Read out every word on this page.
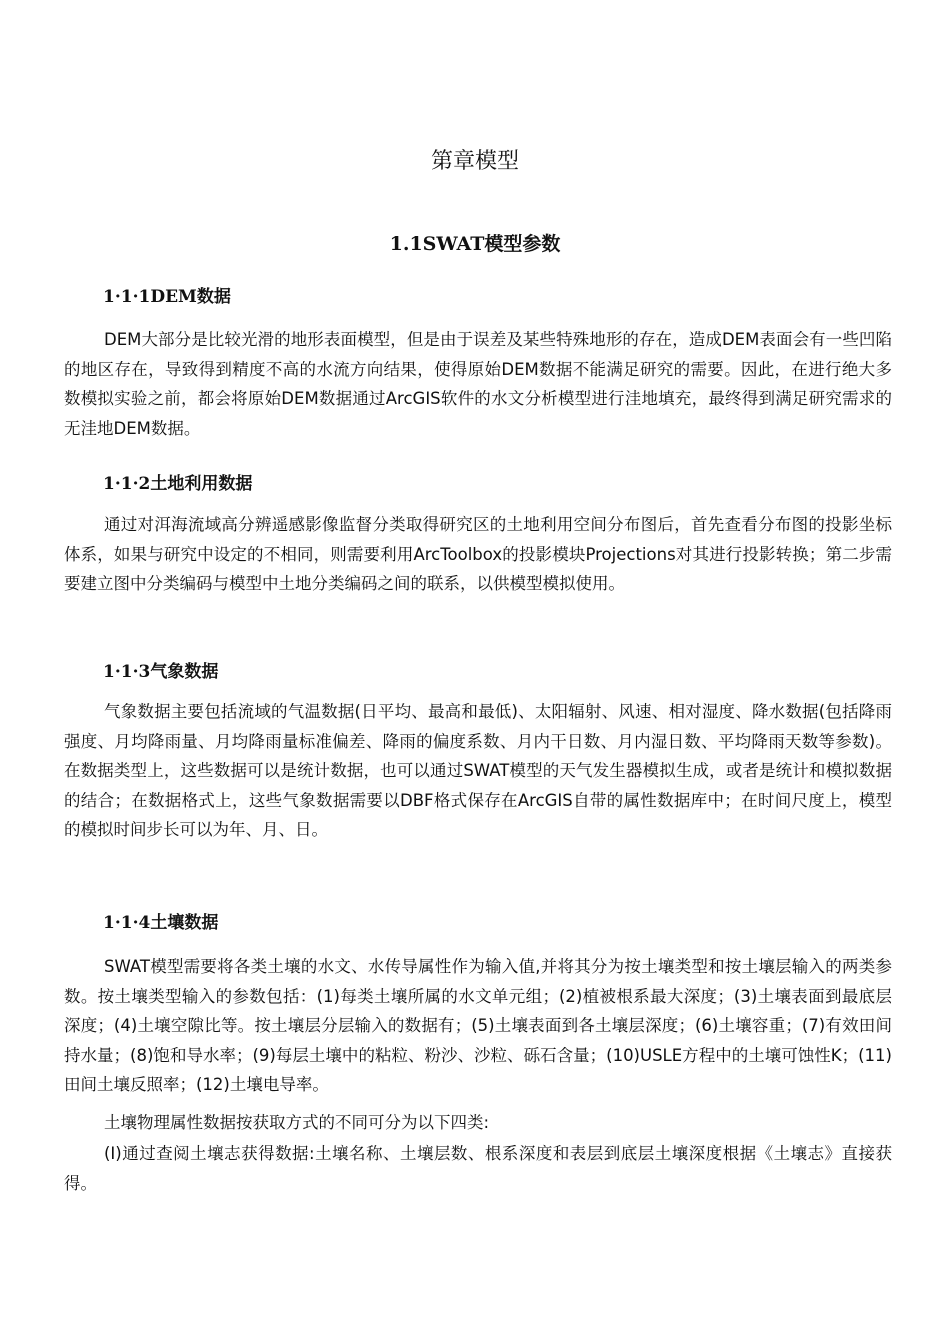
第章模型
1.1SWAT模型参数
1·1·1DEM数据
DEM大部分是比较光滑的地形表面模型，但是由于误差及某些特殊地形的存在，造成DEM表面会有一些凹陷的地区存在，导致得到精度不高的水流方向结果，使得原始DEM数据不能满足研究的需要。因此，在进行绝大多数模拟实验之前，都会将原始DEM数据通过ArcGIS软件的水文分析模型进行洼地填充，最终得到满足研究需求的无洼地DEM数据。
1·1·2土地利用数据
通过对洱海流域高分辨遥感影像监督分类取得研究区的土地利用空间分布图后，首先查看分布图的投影坐标体系，如果与研究中设定的不相同，则需要利用ArcToolbox的投影模块Projections对其进行投影转换；第二步需要建立图中分类编码与模型中土地分类编码之间的联系，以供模型模拟使用。
1·1·3气象数据
气象数据主要包括流域的气温数据(日平均、最高和最低)、太阳辐射、风速、相对湿度、降水数据(包括降雨强度、月均降雨量、月均降雨量标准偏差、降雨的偏度系数、月内干日数、月内湿日数、平均降雨天数等参数)。在数据类型上，这些数据可以是统计数据，也可以通过SWAT模型的天气发生器模拟生成，或者是统计和模拟数据的结合；在数据格式上，这些气象数据需要以DBF格式保存在ArcGIS自带的属性数据库中；在时间尺度上，模型的模拟时间步长可以为年、月、日。
1·1·4土壤数据
SWAT模型需要将各类土壤的水文、水传导属性作为输入值,并将其分为按土壤类型和按土壤层输入的两类参数。按土壤类型输入的参数包括：(1)每类土壤所属的水文单元组；(2)植被根系最大深度；(3)土壤表面到最底层深度；(4)土壤空隙比等。按土壤层分层输入的数据有；(5)土壤表面到各土壤层深度；(6)土壤容重；(7)有效田间持水量；(8)饱和导水率；(9)每层土壤中的粘粒、粉沙、沙粒、砾石含量；(10)USLE方程中的土壤可蚀性K；(11)田间土壤反照率；(12)土壤电导率。
土壤物理属性数据按获取方式的不同可分为以下四类:
(I)通过查阅土壤志获得数据:土壤名称、土壤层数、根系深度和表层到底层土壤深度根据《土壤志》直接获得。
